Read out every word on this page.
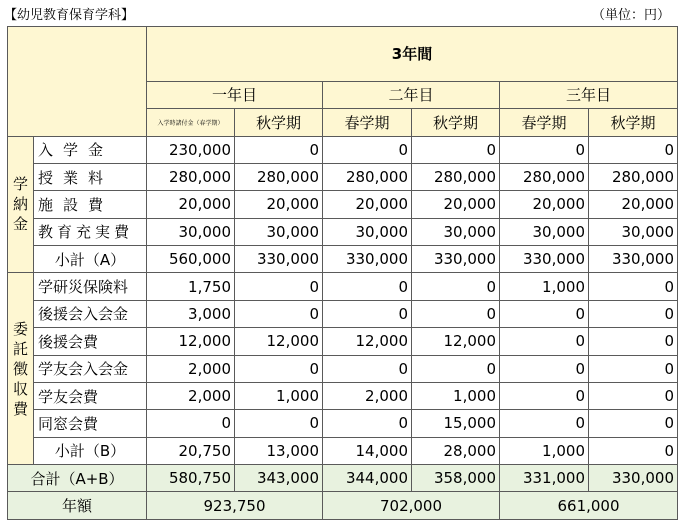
【幼児教育保育学科】	（単位：円）
		3年間					
		一年目		二年目		三年目	
		入学時諸付金（春学期）	秋学期	春学期	秋学期	春学期	秋学期
学
納
金	入学金	230,000	0	0	0	0	0
	授業料	280,000	280,000	280,000	280,000	280,000	280,000
	施設費	20,000	20,000	20,000	20,000	20,000	20,000
	教育充実費	30,000	30,000	30,000	30,000	30,000	30,000
	小計（A）	560,000	330,000	330,000	330,000	330,000	330,000
委
託
徴
収
費	学研災保険料	1,750	0	0	0	1,000	0
	後援会入会金	3,000	0	0	0	0	0
	後援会費	12,000	12,000	12,000	12,000	0	0
	学友会入会金	2,000	0	0	0	0	0
	学友会費	2,000	1,000	2,000	1,000	0	0
	同窓会費	0	0	0	15,000	0	0
	小計（B）	20,750	13,000	14,000	28,000	1,000	0
合計（A+B）		580,750	343,000	344,000	358,000	331,000	330,000
年額		923,750		702,000		661,000	
